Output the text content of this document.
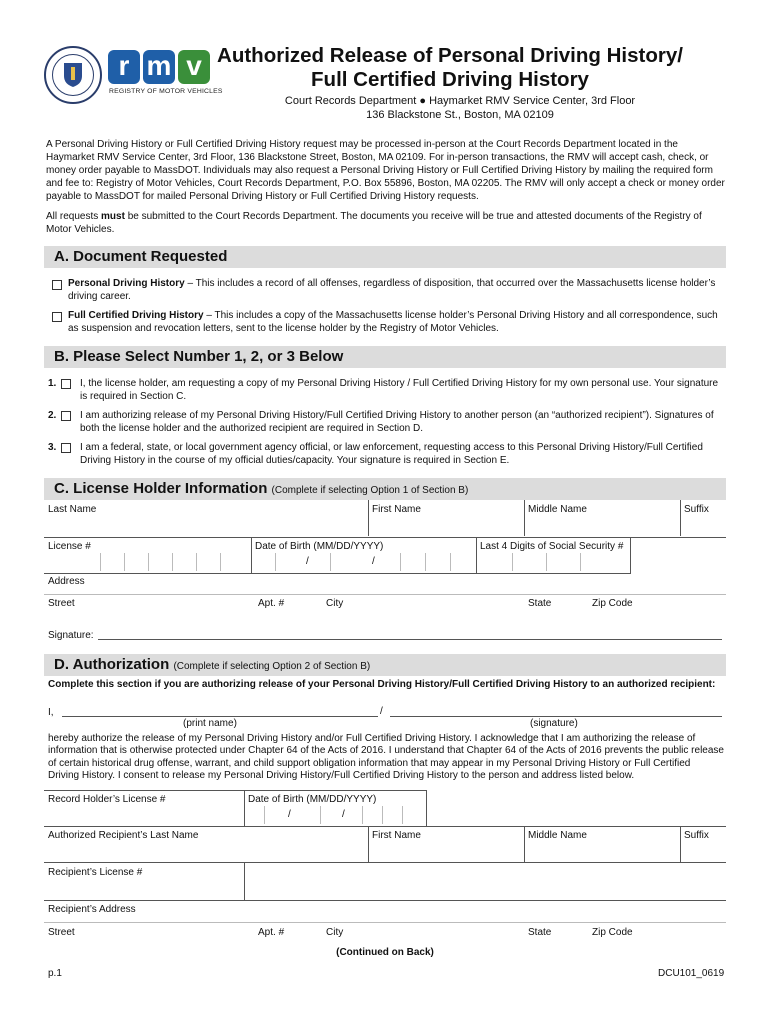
r m v
REGISTRY OF MOTOR VEHICLES
Authorized Release of Personal Driving History/
Full Certified Driving History
Court Records Department ● Haymarket RMV Service Center, 3rd Floor
136 Blackstone St., Boston, MA 02109
A Personal Driving History or Full Certified Driving History request may be processed in-person at the Court Records Department located in the Haymarket RMV Service Center, 3rd Floor, 136 Blackstone Street, Boston, MA 02109. For in-person transactions, the RMV will accept cash, check, or money order payable to MassDOT. Individuals may also request a Personal Driving History or Full Certified Driving History by mailing the required form and fee to: Registry of Motor Vehicles, Court Records Department, P.O. Box 55896, Boston, MA 02205. The RMV will only accept a check or money order payable to MassDOT for mailed Personal Driving History or Full Certified Driving History requests.
All requests must be submitted to the Court Records Department. The documents you receive will be true and attested documents of the Registry of Motor Vehicles.
A. Document Requested
Personal Driving History – This includes a record of all offenses, regardless of disposition, that occurred over the Massachusetts license holder’s driving career.
Full Certified Driving History – This includes a copy of the Massachusetts license holder’s Personal Driving History and all correspondence, such as suspension and revocation letters, sent to the license holder by the Registry of Motor Vehicles.
B. Please Select Number 1, 2, or 3 Below
1. I, the license holder, am requesting a copy of my Personal Driving History / Full Certified Driving History for my own personal use. Your signature is required in Section C.
2. I am authorizing release of my Personal Driving History/Full Certified Driving History to another person (an “authorized recipient”). Signatures of both the license holder and the authorized recipient are required in Section D.
3. I am a federal, state, or local government agency official, or law enforcement, requesting access to this Personal Driving History/Full Certified Driving History in the course of my official duties/capacity. Your signature is required in Section E.
C. License Holder Information (Complete if selecting Option 1 of Section B)
Last Name	First Name	Middle Name	Suffix
License #	Date of Birth (MM/DD/YYYY)
/	/
Last 4 Digits of Social Security #
Address
Street	Apt. #	City	State	Zip Code
Signature:
D. Authorization (Complete if selecting Option 2 of Section B)
Complete this section if you are authorizing release of your Personal Driving History/Full Certified Driving History to an authorized recipient:
I,	/
(print name)	(signature)
hereby authorize the release of my Personal Driving History and/or Full Certified Driving History. I acknowledge that I am authorizing the release of information that is otherwise protected under Chapter 64 of the Acts of 2016. I understand that Chapter 64 of the Acts of 2016 prevents the public release of certain historical drug offense, warrant, and child support obligation information that may appear in my Personal Driving History or Full Certified Driving History. I consent to release my Personal Driving History/Full Certified Driving History to the person and address listed below.
Record Holder’s License #	Date of Birth (MM/DD/YYYY)
/	/
Authorized Recipient’s Last Name	First Name	Middle Name	Suffix
Recipient’s License #
Recipient’s Address
Street	Apt. #	City	State	Zip Code
(Continued on Back)
p.1	DCU101_0619
